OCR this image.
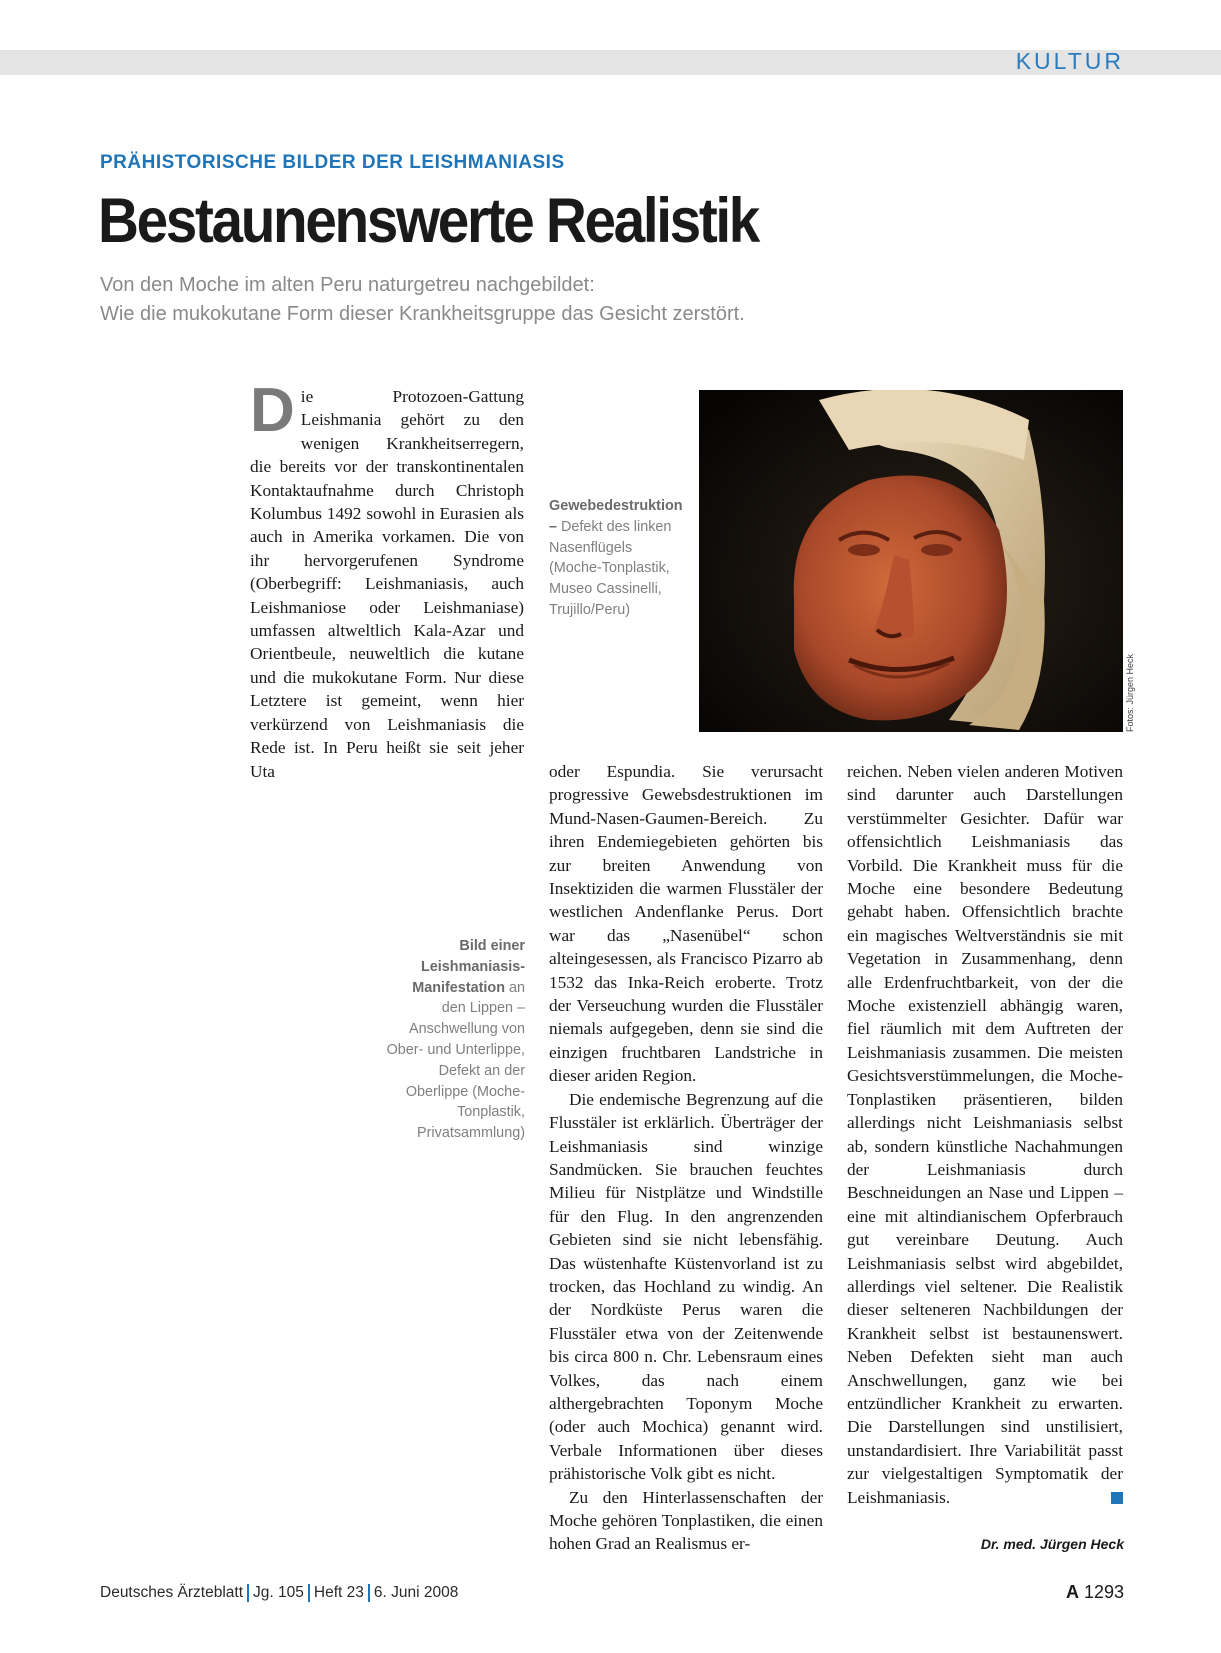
KULTUR
PRÄHISTORISCHE BILDER DER LEISHMANIASIS
Bestaunenswerte Realistik
Von den Moche im alten Peru naturgetreu nachgebildet:
Wie die mukokutane Form dieser Krankheitsgruppe das Gesicht zerstört.
D ie Protozoen-Gattung Leishmania gehört zu den wenigen Krankheitserregern, die bereits vor der transkontinentalen Kontaktaufnahme durch Christoph Kolumbus 1492 sowohl in Eurasien als auch in Amerika vorkamen. Die von ihr hervorgerufenen Syndrome (Oberbegriff: Leishmaniasis, auch Leishmaniose oder Leishmaniase) umfassen altweltlich Kala-Azar und Orientbeule, neuweltlich die kutane und die mukokutane Form. Nur diese Letztere ist gemeint, wenn hier verkürzend von Leishmaniasis die Rede ist. In Peru heißt sie seit jeher Uta
Fotos: Jürgen Heck
Gewebedestruktion – Defekt des linken Nasenflügels (Moche-Tonplastik, Museo Cassinelli, Trujillo/Peru)
Bild einer Leishmaniasis-Manifestation an den Lippen – Anschwellung von Ober- und Unterlippe, Defekt an der Oberlippe (Moche-Tonplastik, Privatsammlung)

oder Espundia. Sie verursacht progressive Gewebsdestruktionen im Mund-Nasen-Gaumen-Bereich. Zu ihren Endemiegebieten gehörten bis zur breiten Anwendung von Insektiziden die warmen Flusstäler der westlichen Andenflanke Perus. Dort war das „Nasenübel“ schon alteingesessen, als Francisco Pizarro ab 1532 das Inka-Reich eroberte. Trotz der Verseuchung wurden die Flusstäler niemals aufgegeben, denn sie sind die einzigen fruchtbaren Landstriche in dieser ariden Region.

Die endemische Begrenzung auf die Flusstäler ist erklärlich. Überträger der Leishmaniasis sind winzige Sandmücken. Sie brauchen feuchtes Milieu für Nistplätze und Windstille für den Flug. In den angrenzenden Gebieten sind sie nicht lebensfähig. Das wüstenhafte Küstenvorland ist zu trocken, das Hochland zu windig. An der Nordküste Perus waren die Flusstäler etwa von der Zeitenwende bis circa 800 n. Chr. Lebensraum eines Volkes, das nach einem althergebrachten Toponym Moche (oder auch Mochica) genannt wird. Verbale Informationen über dieses prähistorische Volk gibt es nicht.

Zu den Hinterlassenschaften der Moche gehören Tonplastiken, die einen hohen Grad an Realismus er-

reichen. Neben vielen anderen Motiven sind darunter auch Darstellungen verstümmelter Gesichter. Dafür war offensichtlich Leishmaniasis das Vorbild. Die Krankheit muss für die Moche eine besondere Bedeutung gehabt haben. Offensichtlich brachte ein magisches Weltverständnis sie mit Vegetation in Zusammenhang, denn alle Erdenfruchtbarkeit, von der die Moche existenziell abhängig waren, fiel räumlich mit dem Auftreten der Leishmaniasis zusammen. Die meisten Gesichtsverstümmelungen, die Moche-Tonplastiken präsentieren, bilden allerdings nicht Leishmaniasis selbst ab, sondern künstliche Nachahmungen der Leishmaniasis durch Beschneidungen an Nase und Lippen – eine mit altindianischem Opferbrauch gut vereinbare Deutung. Auch Leishmaniasis selbst wird abgebildet, allerdings viel seltener. Die Realistik dieser selteneren Nachbildungen der Krankheit selbst ist bestaunenswert. Neben Defekten sieht man auch Anschwellungen, ganz wie bei entzündlicher Krankheit zu erwarten. Die Darstellungen sind unstilisiert, unstandardisiert. Ihre Variabilität passt zur vielgestaltigen Symptomatik der Leishmaniasis.
Dr. med. Jürgen Heck
Deutsches Ärzteblatt Jg. 105 Heft 23 6. Juni 2008	A 1293
